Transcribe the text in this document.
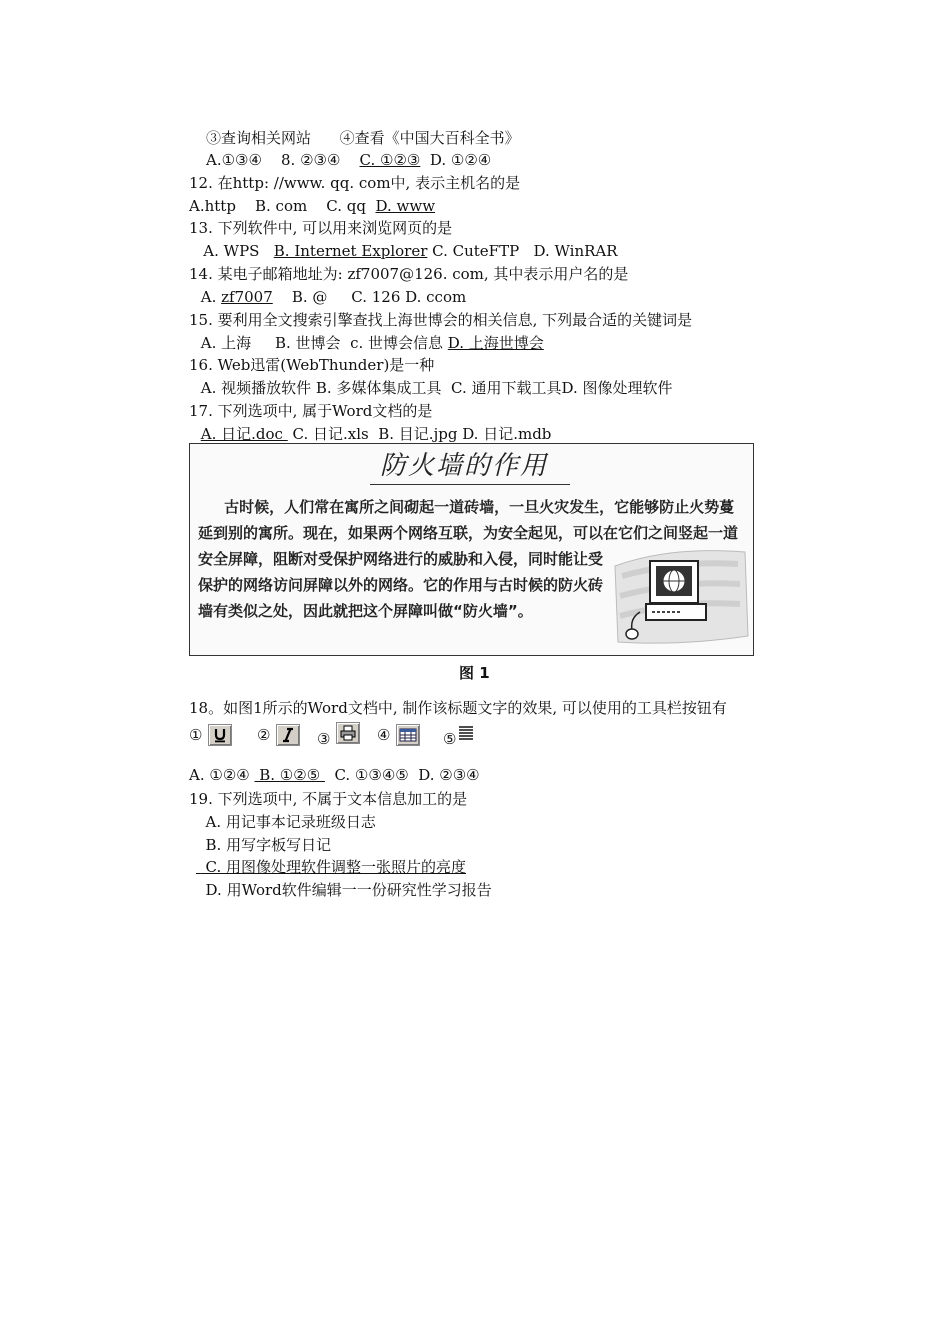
③查询相关网站      ④查看《中国大百科全书》
A.①③④    8. ②③④    C. ①②③  D. ①②④
12. 在http: //www. qq. com中, 表示主机名的是
A.http    B. com    C. qq  D. www
13. 下列软件中, 可以用来浏览网页的是
A. WPS   B. Internet Explorer C. CuteFTP   D. WinRAR
14. 某电子邮箱地址为: zf7007@126. com, 其中表示用户名的是
A. zf7007    B. @     C. 126 D. ccom
15. 要利用全文搜索引擎查找上海世博会的相关信息, 下列最合适的关键词是
A. 上海     B. 世博会  c. 世博会信息 D. 上海世博会
16. Web迅雷(WebThunder)是一种
A. 视频播放软件 B. 多媒体集成工具  C. 通用下载工具D. 图像处理软件
17. 下列选项中, 属于Word文档的是
A. 日记.doc  C. 日记.xls  B. 目记.jpg D. 日记.mdb
防火墙的作用
古时候，人们常在寓所之间砌起一道砖墙，一旦火灾发生，它能够防止火势蔓
延到别的寓所。现在，如果两个网络互联，为安全起见，可以在它们之间竖起一道
安全屏障，阻断对受保护网络进行的威胁和入侵，同时能让受
保护的网络访问屏障以外的网络。它的作用与古时候的防火砖
墙有类似之处，因此就把这个屏障叫做“防火墙”。
图 1
18。如图1所示的Word文档中, 制作该标题文字的效果, 可以使用的工具栏按钮有
①	②	③	④	⑤
A. ①②④  B. ①②⑤   C. ①③④⑤  D. ②③④
19. 下列选项中, 不属于文本信息加工的是
A. 用记事本记录班级日志
B. 用写字板写日记
C. 用图像处理软件调整一张照片的亮度
D. 用Word软件编辑一一份研究性学习报告
